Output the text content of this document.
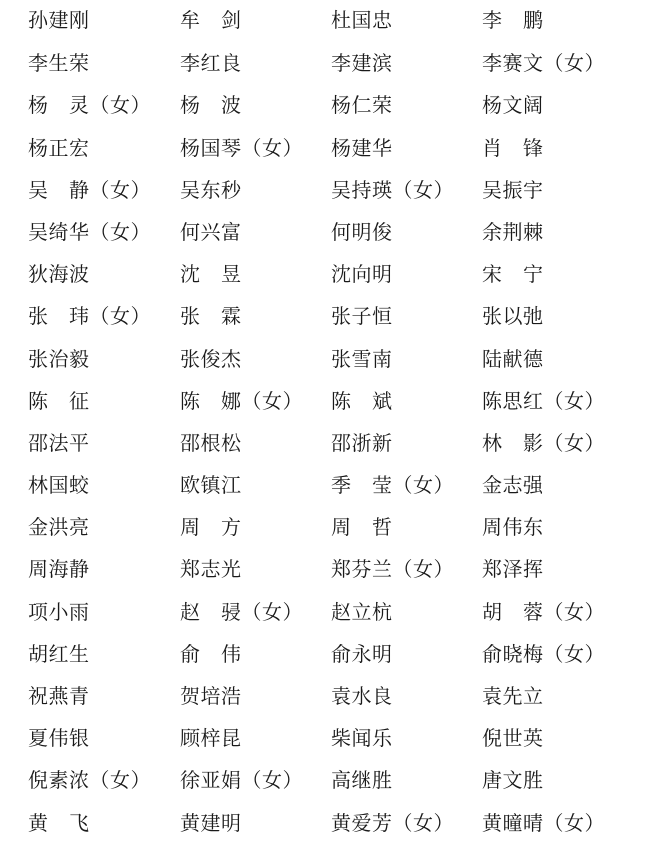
孙建刚	牟　剑	杜国忠	李　鹏
李生荣	李红良	李建滨	李赛文（女）
杨　灵（女） 杨　波	杨仁荣	杨文阔
杨正宏	杨国琴（女） 杨建华	肖　锋
吴　静（女） 吴东秒	吴持瑛（女） 吴振宇
吴绮华（女） 何兴富	何明俊	余荆棘
狄海波	沈　昱	沈向明	宋　宁
张　玮（女） 张　霖	张子恒	张以弛
张治毅	张俊杰	张雪南	陆献德
陈　征	陈　娜（女） 陈　斌	陈思红（女）
邵法平	邵根松	邵浙新	林　影（女）
林国蛟	欧镇江	季　莹（女） 金志强
金洪亮	周　方	周　哲	周伟东
周海静	郑志光	郑芬兰（女） 郑泽挥
项小雨	赵　骎（女） 赵立杭	胡　蓉（女）
胡红生	俞　伟	俞永明	俞晓梅（女）
祝燕青	贺培浩	袁水良	袁先立
夏伟银	顾梓昆	柴闻乐	倪世英
倪素浓（女） 徐亚娟（女） 高继胜	唐文胜
黄　飞	黄建明	黄爱芳（女） 黄曈晴（女）
